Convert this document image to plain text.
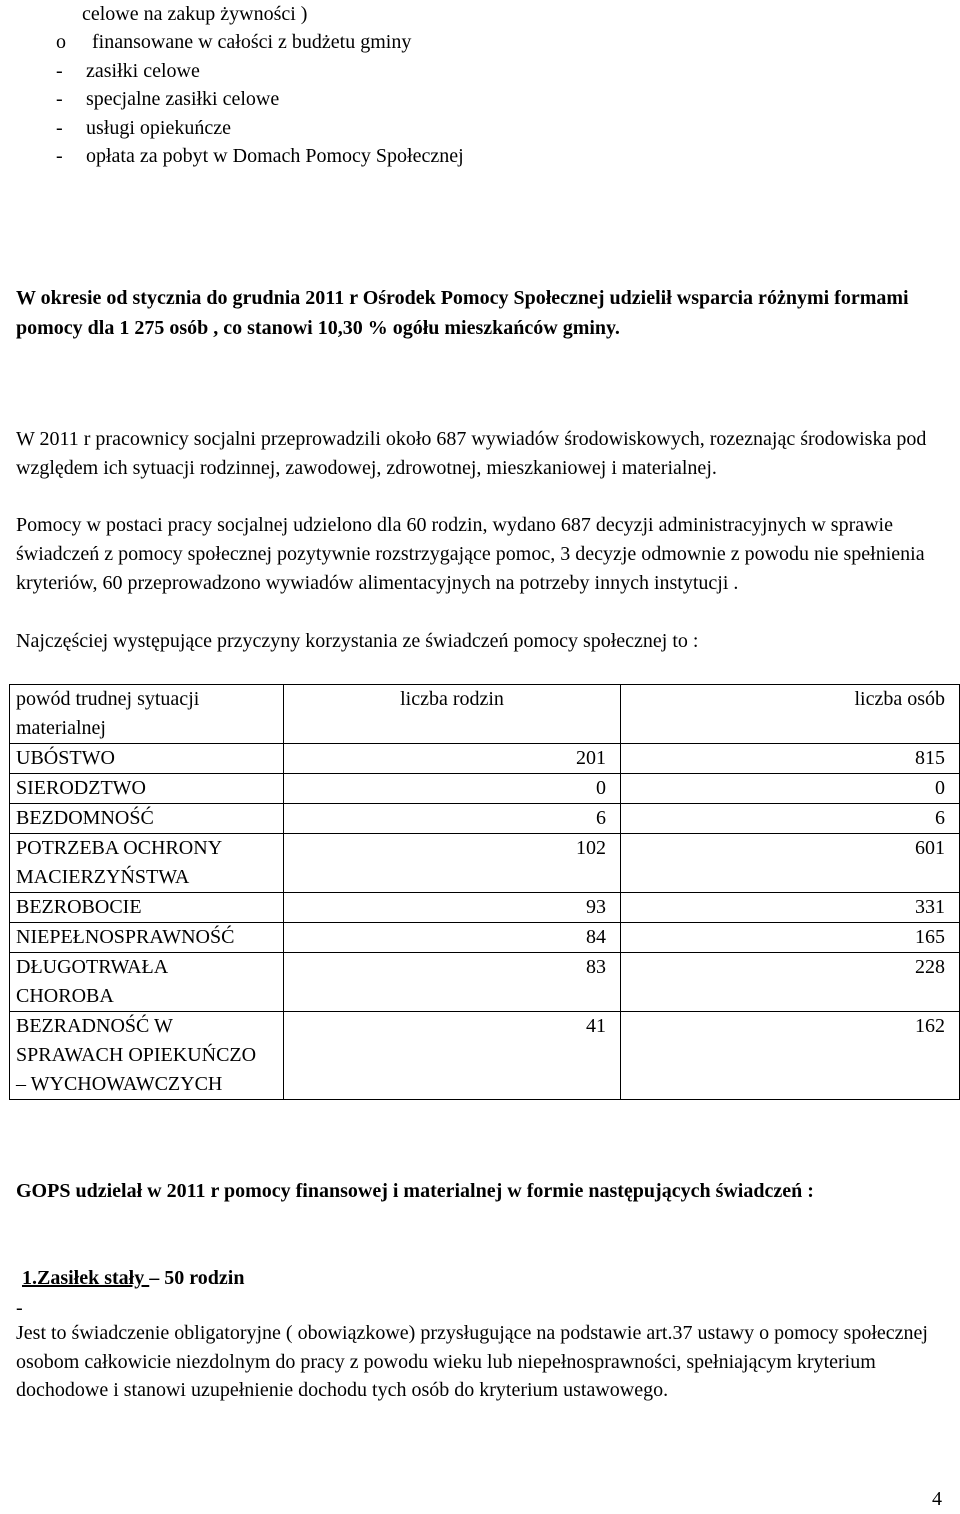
celowe na zakup żywności )
o finansowane w całości z budżetu gminy
- zasiłki celowe
- specjalne zasiłki celowe
- usługi opiekuńcze
- opłata za pobyt w Domach Pomocy Społecznej
W okresie od stycznia do grudnia 2011 r Ośrodek Pomocy Społecznej udzielił wsparcia różnymi formami pomocy dla 1 275 osób , co stanowi 10,30 % ogółu mieszkańców gminy.
W 2011 r pracownicy socjalni przeprowadzili około 687 wywiadów środowiskowych, rozeznając środowiska pod względem ich sytuacji rodzinnej, zawodowej, zdrowotnej, mieszkaniowej i materialnej.
Pomocy w postaci pracy socjalnej udzielono dla 60 rodzin, wydano 687 decyzji administracyjnych w sprawie świadczeń z pomocy społecznej pozytywnie rozstrzygające pomoc, 3 decyzje odmownie z powodu nie spełnienia kryteriów, 60 przeprowadzono wywiadów alimentacyjnych na potrzeby innych instytucji .
Najczęściej występujące przyczyny korzystania ze świadczeń pomocy społecznej to :
powód trudnej sytuacji materialnej	liczba rodzin	liczba osób
UBÓSTWO	201	815
SIERODZTWO	0	0
BEZDOMNOŚĆ	6	6
POTRZEBA OCHRONY MACIERZYŃSTWA	102	601
BEZROBOCIE	93	331
NIEPEŁNOSPRAWNOŚĆ	84	165
DŁUGOTRWAŁA CHOROBA	83	228
BEZRADNOŚĆ W SPRAWACH OPIEKUŃCZO – WYCHOWAWCZYCH	41	162
GOPS udzielał w 2011 r pomocy finansowej i materialnej w formie następujących świadczeń :
1.Zasiłek stały – 50 rodzin
-
Jest to świadczenie obligatoryjne ( obowiązkowe) przysługujące na podstawie art.37 ustawy o pomocy społecznej osobom całkowicie niezdolnym do pracy z powodu wieku lub niepełnosprawności, spełniającym kryterium dochodowe i stanowi uzupełnienie dochodu tych osób do kryterium ustawowego.
4
